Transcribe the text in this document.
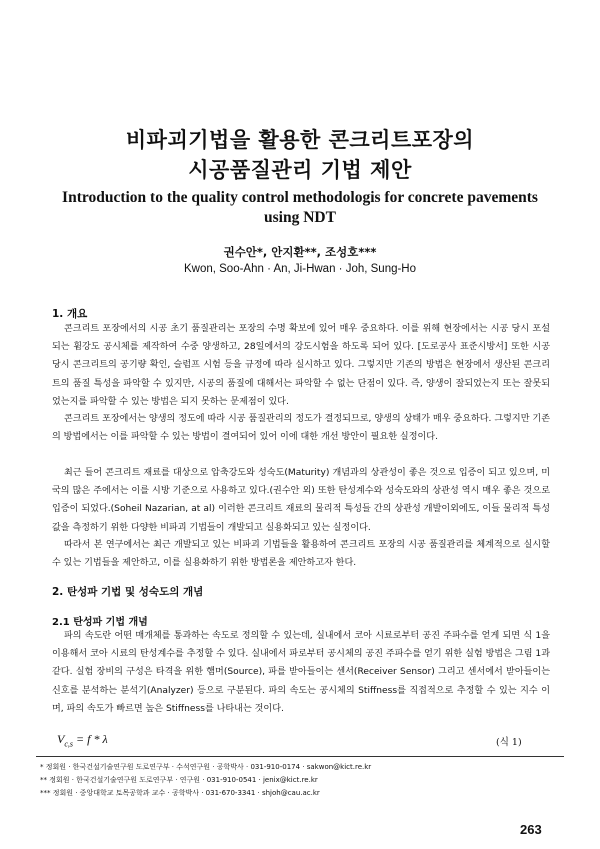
비파괴기법을 활용한 콘크리트포장의
시공품질관리 기법 제안
Introduction to the quality control methodologis for concrete pavements
using NDT
권수안*, 안지환**, 조성호***
Kwon, Soo-Ahn · An, Ji-Hwan · Joh, Sung-Ho
1. 개요

콘크리트 포장에서의 시공 초기 품질관리는 포장의 수명 확보에 있어 매우 중요하다. 이를 위해 현장에서는 시공 당시 포설되는 휨강도 공시체를 제작하여 수중 양생하고, 28일에서의 강도시험을 하도록 되어 있다. [도로공사 표준시방서] 또한 시공 당시 콘크리트의 공기량 확인, 슬럼프 시험 등을 규정에 따라 실시하고 있다. 그렇지만 기존의 방법은 현장에서 생산된 콘크리트의 품질 특성을 파악할 수 있지만, 시공의 품질에 대해서는 파악할 수 없는 단점이 있다. 즉, 양생이 잘되었는지 또는 잘못되었는지를 파악할 수 있는 방법은 되지 못하는 문제점이 있다.

콘크리트 포장에서는 양생의 정도에 따라 시공 품질관리의 정도가 결정되므로, 양생의 상태가 매우 중요하다. 그렇지만 기존의 방법에서는 이를 파악할 수 있는 방법이 결여되어 있어 이에 대한 개선 방안이 필요한 실정이다.

최근 들어 콘크리트 재료를 대상으로 압축강도와 성숙도(Maturity) 개념과의 상관성이 좋은 것으로 입증이 되고 있으며, 미국의 많은 주에서는 이를 시방 기준으로 사용하고 있다.(권수안 외) 또한 탄성계수와 성숙도와의 상관성 역시 매우 좋은 것으로 입증이 되었다.(Soheil Nazarian, at al) 이러한 콘크리트 재료의 물리적 특성들 간의 상관성 개발이외에도, 이들 물리적 특성 값을 측정하기 위한 다양한 비파괴 기법들이 개발되고 실용화되고 있는 실정이다.

따라서 본 연구에서는 최근 개발되고 있는 비파괴 기법들을 활용하여 콘크리트 포장의 시공 품질관리를 체계적으로 실시할 수 있는 기법들을 제안하고, 이를 실용화하기 위한 방법론을 제안하고자 한다.

2. 탄성파 기법 및 성숙도의 개념
2.1 탄성파 기법 개념

파의 속도란 어떤 매개체를 통과하는 속도로 정의할 수 있는데, 실내에서 코아 시료로부터 공진 주파수를 얻게 되면 식 1을 이용해서 코아 시료의 탄성계수를 추정할 수 있다. 실내에서 파로부터 공시체의 공진 주파수를 얻기 위한 실험 방법은 그림 1과 같다. 실험 장비의 구성은 타격을 위한 햄머(Source), 파를 받아들이는 센서(Receiver Sensor) 그리고 센서에서 받아들이는 신호를 분석하는 분석기(Analyzer) 등으로 구분된다. 파의 속도는 공시체의 Stiffness를 직접적으로 추정할 수 있는 지수 이며, 파의 속도가 빠르면 높은 Stiffness를 나타내는 것이다.

$V_{c,s} = f * \lambda$	(식 1)
* 정회원 · 한국건설기술연구원 도로연구부 · 수석연구원 · 공학박사 · 031-910-0174 · sakwon@kict.re.kr
** 정회원 · 한국건설기술연구원 도로연구부 · 연구원 · 031-910-0541 · jenix@kict.re.kr
*** 정회원 · 중앙대학교 토목공학과 교수 · 공학박사 · 031-670-3341 · shjoh@cau.ac.kr
263
